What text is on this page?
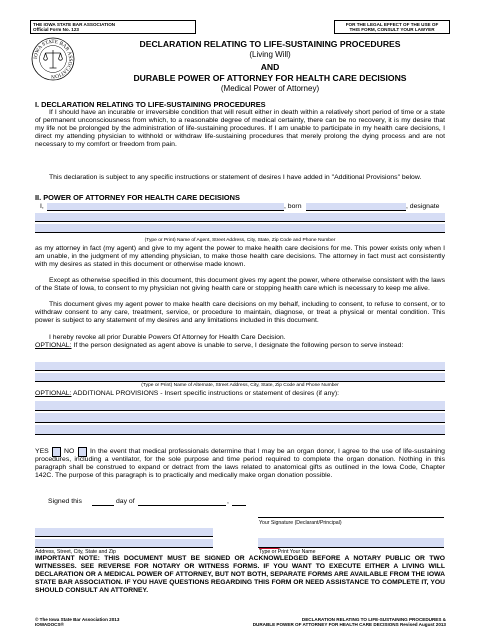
THE IOWA STATE BAR ASSOCIATION
Official Form No. 123
FOR THE LEGAL EFFECT OF THE USE OF
THIS FORM, CONSULT YOUR LAWYER
IOWA STATE BAR ASSOCIATION
DECLARATION RELATING TO LIFE-SUSTAINING PROCEDURES
(Living Will)
AND
DURABLE POWER OF ATTORNEY FOR HEALTH CARE DECISIONS
(Medical Power of Attorney)
I. DECLARATION RELATING TO LIFE-SUSTAINING PROCEDURES
If I should have an incurable or irreversible condition that will result either in death within a relatively short period of time or a state of permanent unconsciousness from which, to a reasonable degree of medical certainty, there can be no recovery, it is my desire that my life not be prolonged by the administration of life-sustaining procedures. If I am unable to participate in my health care decisions, I direct my attending physician to withhold or withdraw life-sustaining procedures that merely prolong the dying process and are not necessary to my comfort or freedom from pain.
This declaration is subject to any specific instructions or statement of desires I have added in "Additional Provisions" below.
II. POWER OF ATTORNEY FOR HEALTH CARE DECISIONS
I,	, born	, designate
(Type or Print) Name of Agent, Street Address, City, State, Zip Code and Phone Number
as my attorney in fact (my agent) and give to my agent the power to make health care decisions for me. This power exists only when I am unable, in the judgment of my attending physician, to make those health care decisions. The attorney in fact must act consistently with my desires as stated in this document or otherwise made known.
Except as otherwise specified in this document, this document gives my agent the power, where otherwise consistent with the laws of the State of Iowa, to consent to my physician not giving health care or stopping health care which is necessary to keep me alive.
This document gives my agent power to make health care decisions on my behalf, including to consent, to refuse to consent, or to withdraw consent to any care, treatment, service, or procedure to maintain, diagnose, or treat a physical or mental condition. This power is subject to any statement of my desires and any limitations included in this document.
I hereby revoke all prior Durable Powers Of Attorney for Health Care Decision.
OPTIONAL: If the person designated as agent above is unable to serve, I designate the following person to serve instead:
(Type or Print) Name of Alternate, Street Address, City, State, Zip Code and Phone Number
OPTIONAL: ADDITIONAL PROVISIONS - Insert specific instructions or statement of desires (if any):
YES NO	In the event that medical professionals determine that I may be an organ donor, I agree to the use of life-sustaining procedures, including a ventilator, for the sole purpose and time period required to complete the organ donation. Nothing in this paragraph shall be construed to expand or detract from the laws related to anatomical gifts as outlined in the Iowa Code, Chapter 142C. The purpose of this paragraph is to practically and medically make organ donation possible.
Signed this	day of	,
Your Signature (Declarant/Principal)
Address, Street, City, State and Zip	Type or Print Your Name
IMPORTANT NOTE: THIS DOCUMENT MUST BE SIGNED OR ACKNOWLEDGED BEFORE A NOTARY PUBLIC OR TWO WITNESSES. SEE REVERSE FOR NOTARY OR WITNESS FORMS. IF YOU WANT TO EXECUTE EITHER A LIVING WILL DECLARATION OR A MEDICAL POWER OF ATTORNEY, BUT NOT BOTH, SEPARATE FORMS ARE AVAILABLE FROM THE IOWA STATE BAR ASSOCIATION. IF YOU HAVE QUESTIONS REGARDING THIS FORM OR NEED ASSISTANCE TO COMPLETE IT, YOU SHOULD CONSULT AN ATTORNEY.
© The Iowa State Bar Association 2013
IOWADOCS®
DECLARATION RELATING TO LIFE-SUSTAINING PROCEDURES &
DURABLE POWER OF ATTORNEY FOR HEALTH CARE DECISIONS Revised August 2013
